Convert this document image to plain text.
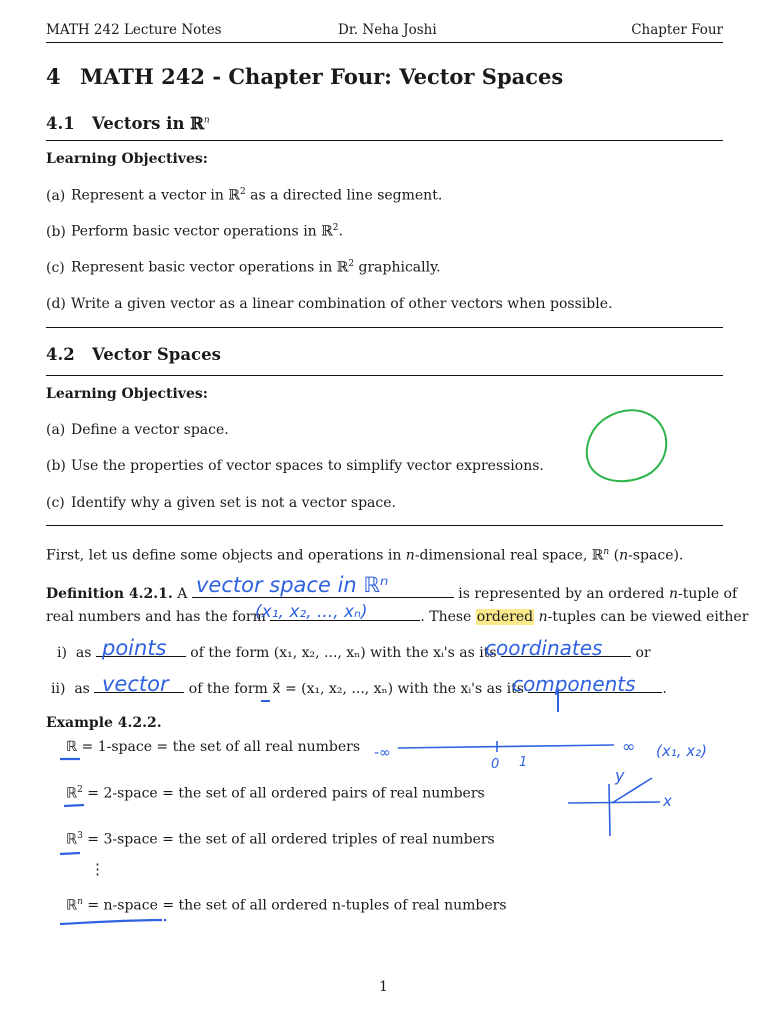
MATH 242 Lecture Notes	Dr. Neha Joshi	Chapter Four
4 MATH 242 - Chapter Four: Vector Spaces
4.1 Vectors in ℝ$^n$
Learning Objectives:
(a) Represent a vector in ℝ$^2$ as a directed line segment.
(b) Perform basic vector operations in ℝ$^2$.
(c) Represent basic vector operations in ℝ$^2$ graphically.
(d) Write a given vector as a linear combination of other vectors when possible.
4.2 Vector Spaces
Learning Objectives:
(a) Define a vector space.
(b) Use the properties of vector spaces to simplify vector expressions.
(c) Identify why a given set is not a vector space.
First, let us define some objects and operations in n-dimensional real space, ℝ$^n$ (n-space).
Definition 4.2.1. A	is represented by an ordered n-tuple of
real numbers and has the form	. These ordered n-tuples can be viewed either
i) as	of the form (x₁, x₂, ..., xₙ) with the xᵢ's as its	or
ii) as	of the form x⃗ = (x₁, x₂, ..., xₙ) with the xᵢ's as its	.
Example 4.2.2.
ℝ = 1-space = the set of all real numbers
ℝ$^2$ = 2-space = the set of all ordered pairs of real numbers
ℝ$^3$ = 3-space = the set of all ordered triples of real numbers
⋮
ℝ$^n$ = n-space = the set of all ordered n-tuples of real numbers
1
vector space in ℝⁿ
(x₁, x₂, ..., xₙ)
points	coordinates
vector	components
-∞
0 1
∞ (x₁, x₂)
y
x
